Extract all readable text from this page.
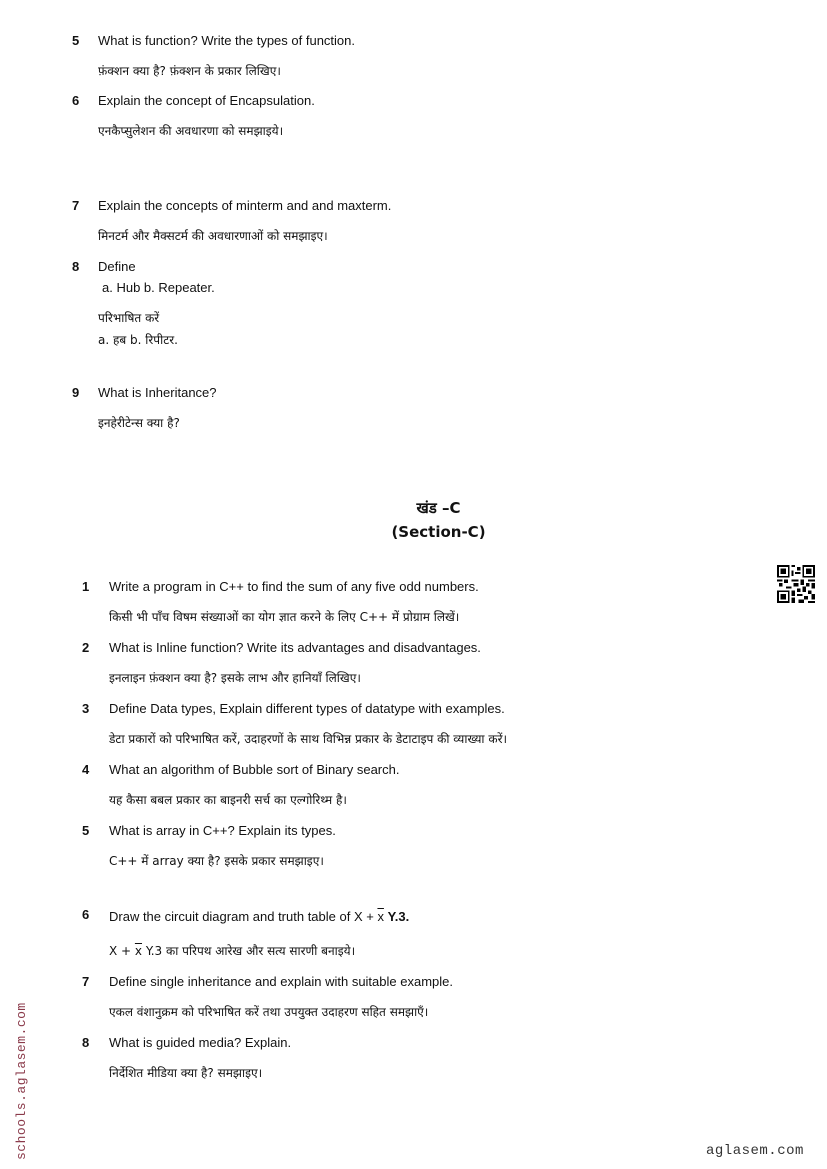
5 What is function? Write the types of function.
फ़ंक्शन क्या है? फ़ंक्शन के प्रकार लिखिए।
6 Explain the concept of Encapsulation.
एनकैप्सुलेशन की अवधारणा को समझाइये।
7 Explain the concepts of minterm and and maxterm.
मिनटर्म और मैक्सटर्म की अवधारणाओं को समझाइए।
8 Define
a. Hub b. Repeater.
परिभाषित करें
a. हब b. रिपीटर.
9 What is Inheritance?
इनहेरीटेन्स क्या है?
खंड –C
(Section-C)
1 Write a program in C++ to find the sum of any five odd numbers.
किसी भी पाँच विषम संख्याओं का योग ज्ञात करने के लिए C++ में प्रोग्राम लिखें।
2 What is Inline function? Write its advantages and disadvantages.
इनलाइन फ़ंक्शन क्या है? इसके लाभ और हानियाँ लिखिए।
3 Define Data types, Explain different types of datatype with examples.
डेटा प्रकारों को परिभाषित करें, उदाहरणों के साथ विभिन्न प्रकार के डेटाटाइप की व्याख्या करें।
4 What an algorithm of Bubble sort of Binary search.
यह कैसा बबल प्रकार का बाइनरी सर्च का एल्गोरिथ्म है।
5 What is array in C++? Explain its types.
C++ में array क्या है? इसके प्रकार समझाइए।
6 Draw the circuit diagram and truth table of $X + \overline{x}$ Y.3.
$X + \overline{x}$ Y.3 का परिपथ आरेख और सत्य सारणी बनाइये।
7 Define single inheritance and explain with suitable example.
एकल वंशानुक्रम को परिभाषित करें तथा उपयुक्त उदाहरण सहित समझाएँ।
8 What is guided media? Explain.
निर्देशित मीडिया क्या है? समझाइए।
schools.aglasem.com	aglasem.com
